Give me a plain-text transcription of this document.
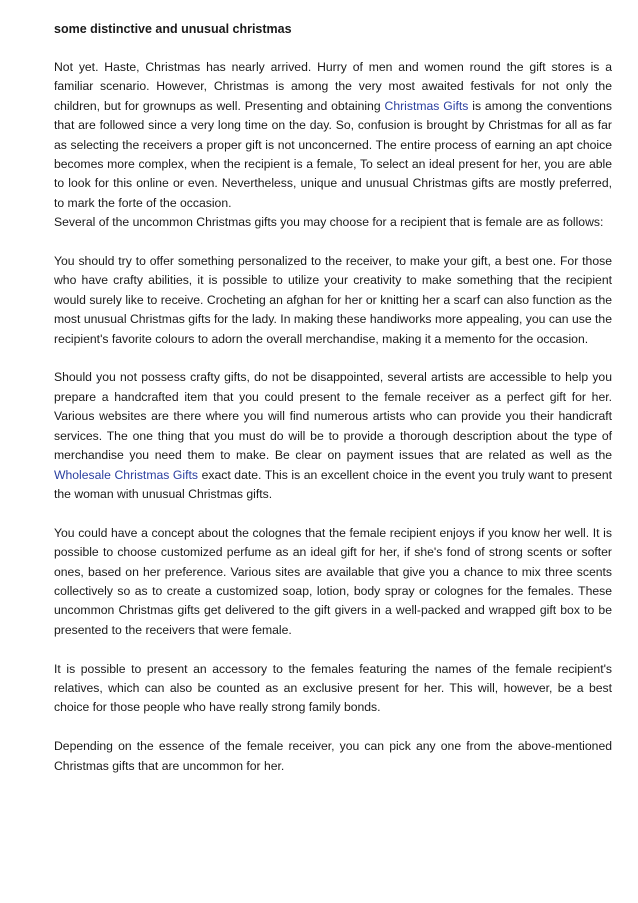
some distinctive and unusual christmas

Not yet. Haste, Christmas has nearly arrived. Hurry of men and women round the gift stores is a familiar scenario. However, Christmas is among the very most awaited festivals for not only the children, but for grownups as well. Presenting and obtaining Christmas Gifts is among the conventions that are followed since a very long time on the day. So, confusion is brought by Christmas for all as far as selecting the receivers a proper gift is not unconcerned. The entire process of earning an apt choice becomes more complex, when the recipient is a female, To select an ideal present for her, you are able to look for this online or even. Nevertheless, unique and unusual Christmas gifts are mostly preferred, to mark the forte of the occasion.

Several of the uncommon Christmas gifts you may choose for a recipient that is female are as follows:

You should try to offer something personalized to the receiver, to make your gift, a best one. For those who have crafty abilities, it is possible to utilize your creativity to make something that the recipient would surely like to receive. Crocheting an afghan for her or knitting her a scarf can also function as the most unusual Christmas gifts for the lady. In making these handiworks more appealing, you can use the recipient's favorite colours to adorn the overall merchandise, making it a memento for the occasion.

Should you not possess crafty gifts, do not be disappointed, several artists are accessible to help you prepare a handcrafted item that you could present to the female receiver as a perfect gift for her. Various websites are there where you will find numerous artists who can provide you their handicraft services. The one thing that you must do will be to provide a thorough description about the type of merchandise you need them to make. Be clear on payment issues that are related as well as the Wholesale Christmas Gifts exact date. This is an excellent choice in the event you truly want to present the woman with unusual Christmas gifts.

You could have a concept about the colognes that the female recipient enjoys if you know her well. It is possible to choose customized perfume as an ideal gift for her, if she's fond of strong scents or softer ones, based on her preference. Various sites are available that give you a chance to mix three scents collectively so as to create a customized soap, lotion, body spray or colognes for the females. These uncommon Christmas gifts get delivered to the gift givers in a well-packed and wrapped gift box to be presented to the receivers that were female.

It is possible to present an accessory to the females featuring the names of the female recipient's relatives, which can also be counted as an exclusive present for her. This will, however, be a best choice for those people who have really strong family bonds.

Depending on the essence of the female receiver, you can pick any one from the above-mentioned Christmas gifts that are uncommon for her.
